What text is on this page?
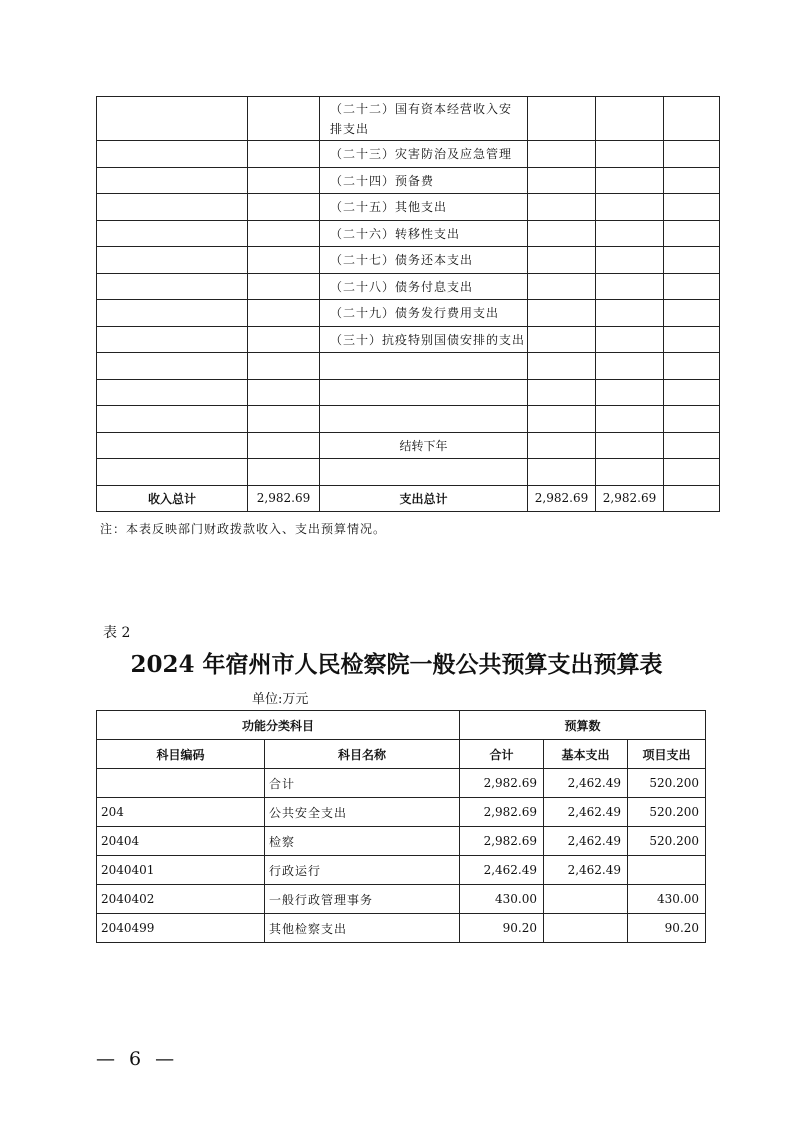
		（二十二）国有资本经营收入安排支出			
		（二十三）灾害防治及应急管理			
		（二十四）预备费			
		（二十五）其他支出			
		（二十六）转移性支出			
		（二十七）债务还本支出			
		（二十八）债务付息支出			
		（二十九）债务发行费用支出			
		（三十）抗疫特别国债安排的支出			

		结转下年			

收入总计	2,982.69	支出总计	2,982.69	2,982.69	
注：本表反映部门财政拨款收入、支出预算情况。
表 2
2024 年宿州市人民检察院一般公共预算支出预算表
单位:万元
功能分类科目		预算数		
科目编码	科目名称	合计	基本支出	项目支出
	合计	2,982.69	2,462.49	520.200
204	公共安全支出	2,982.69	2,462.49	520.200
20404	检察	2,982.69	2,462.49	520.200
2040401	行政运行	2,462.49	2,462.49	
2040402	一般行政管理事务	430.00		430.00
2040499	其他检察支出	90.20		90.20
— 6 —
